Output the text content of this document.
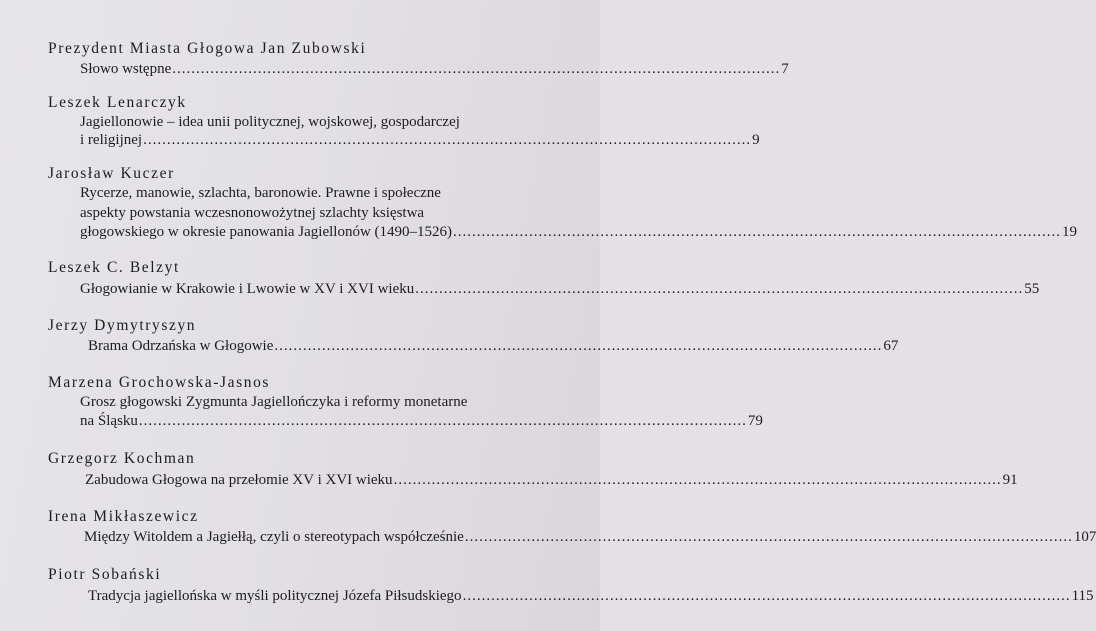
Prezydent Miasta Głogowa Jan Zubowski
Słowo wstępne ................................................................................................................................ 7
Leszek Lenarczyk
Jagiellonowie – idea unii politycznej, wojskowej, gospodarczej
i religijnej ................................................................................................................................ 9
Jarosław Kuczer
Rycerze, manowie, szlachta, baronowie. Prawne i społeczne
aspekty powstania wczesnonowożytnej szlachty księstwa
głogowskiego w okresie panowania Jagiellonów (1490–1526) ................................................................................................................................ 19
Leszek C. Belzyt
Głogowianie w Krakowie i Lwowie w XV i XVI wieku ................................................................................................................................ 55
Jerzy Dymytryszyn
Brama Odrzańska w Głogowie ................................................................................................................................ 67
Marzena Grochowska-Jasnos
Grosz głogowski Zygmunta Jagiellończyka i reformy monetarne
na Śląsku ................................................................................................................................ 79
Grzegorz Kochman
Zabudowa Głogowa na przełomie XV i XVI wieku ................................................................................................................................ 91
Irena Mikłaszewicz
Między Witoldem a Jagiełłą, czyli o stereotypach współcześnie ................................................................................................................................ 107
Piotr Sobański
Tradycja jagiellońska w myśli politycznej Józefa Piłsudskiego ................................................................................................................................ 115
